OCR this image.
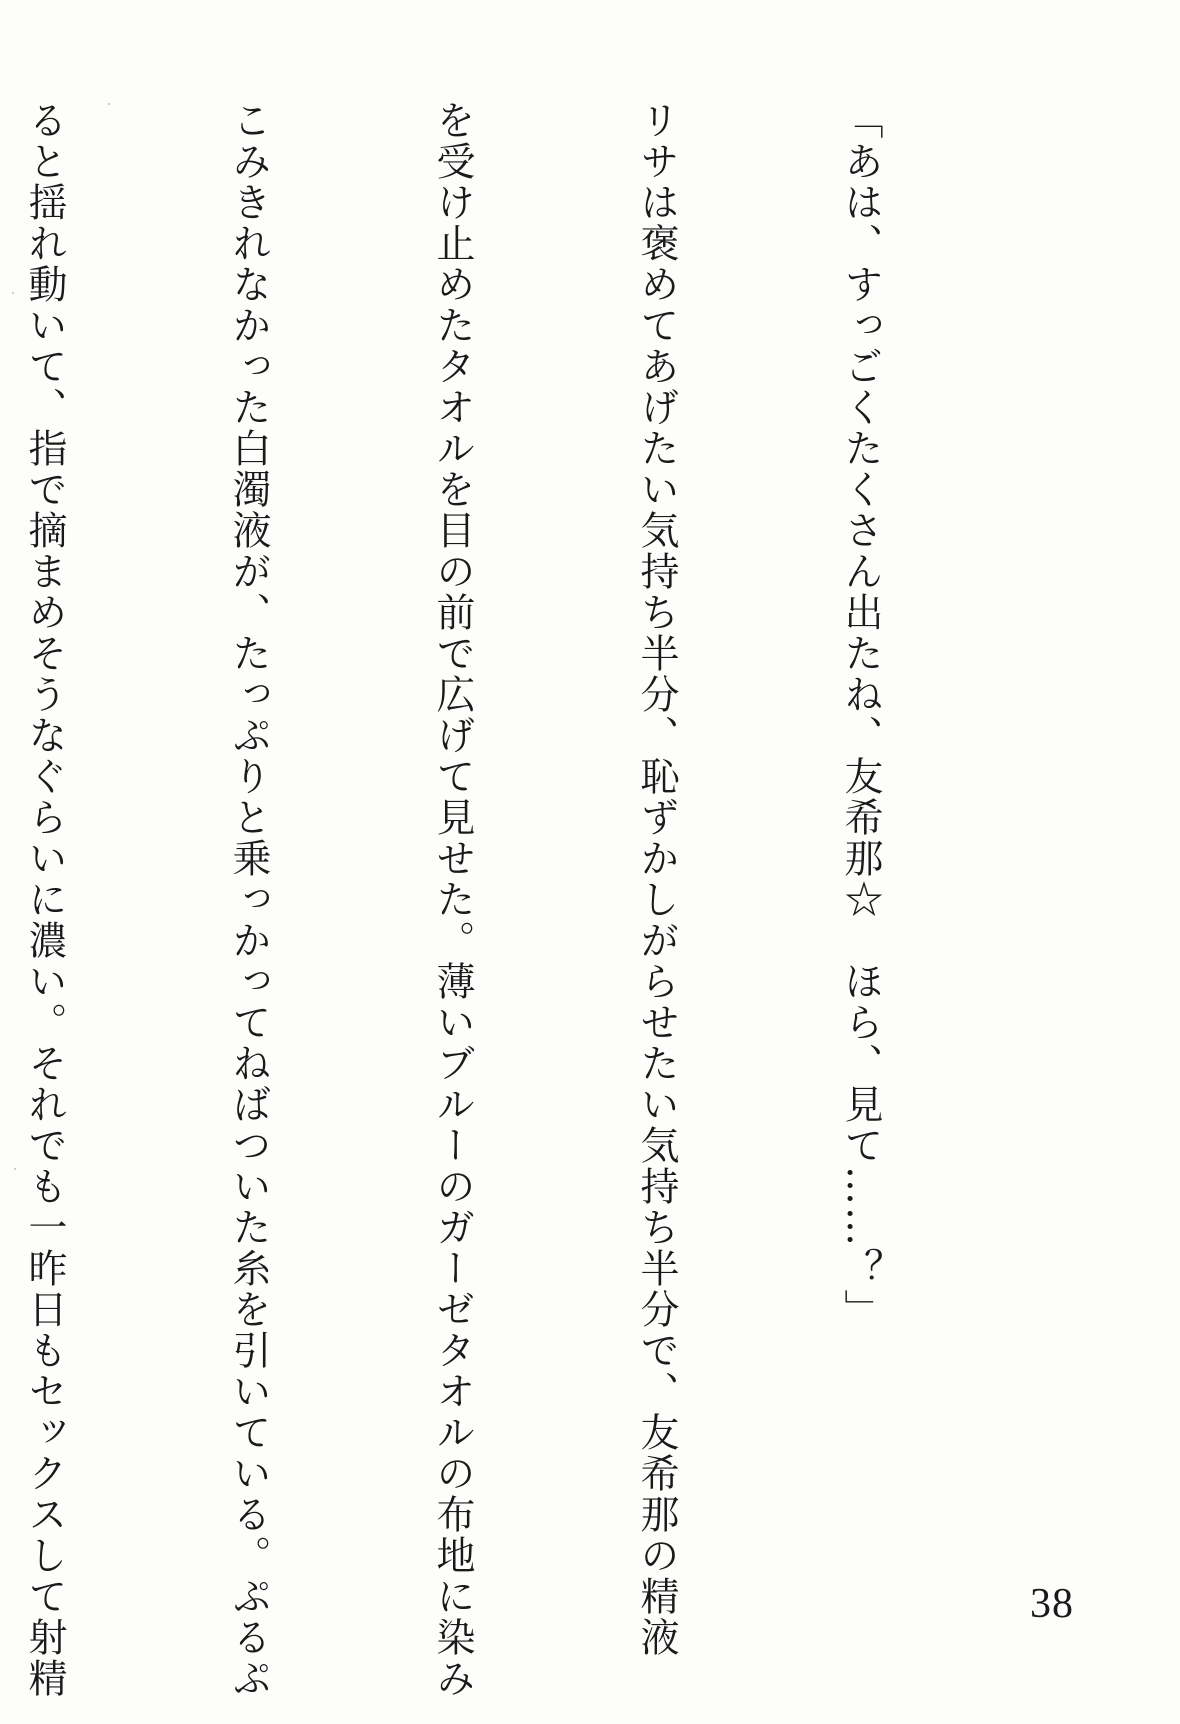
「あは、すっごくたくさん出たね、友希那☆　ほら、見て……？」

リサは褒めてあげたい気持ち半分、恥ずかしがらせたい気持ち半分で、友希那の精液

を受け止めたタオルを目の前で広げて見せた。薄いブルーのガーゼタオルの布地に染み

こみきれなかった白濁液が、たっぷりと乗っかってねばついた糸を引いている。ぷるぷ

ると揺れ動いて、指で摘まめそうなぐらいに濃い。それでも一昨日もセックスして射精

	38
